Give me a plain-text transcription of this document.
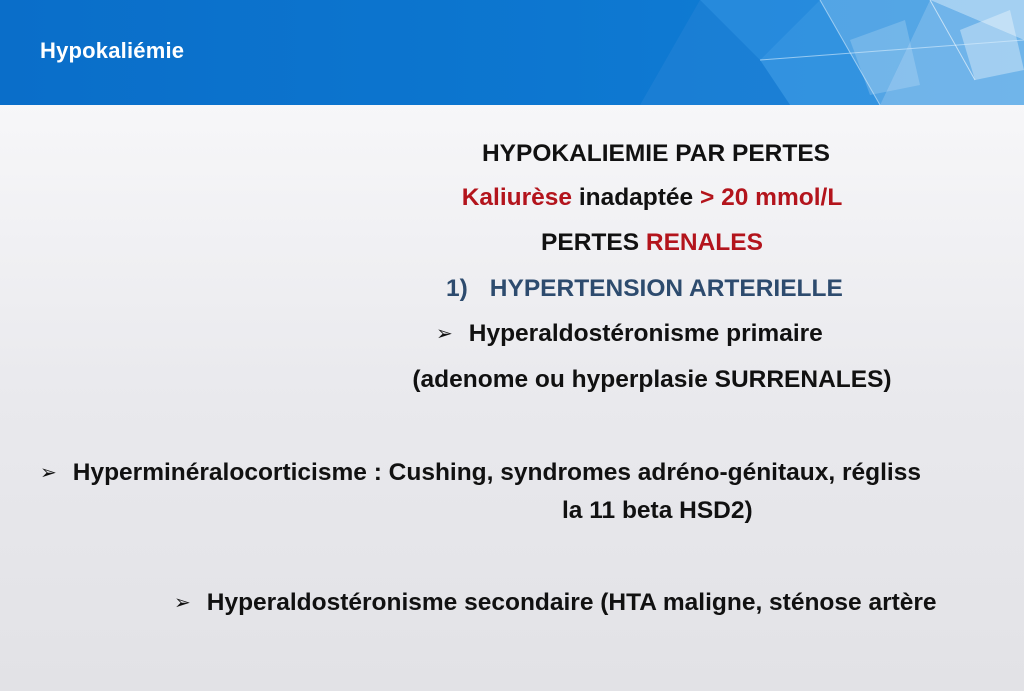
Hypokaliémie
HYPOKALIEMIE PAR PERTES
Kaliurèse inadaptée > 20 mmol/L
PERTES RENALES
1) HYPERTENSION ARTERIELLE
➢ Hyperaldostéronisme primaire
(adenome ou hyperplasie SURRENALES)
➢ Hyperminéralocorticisme : Cushing, syndromes adréno-génitaux, régliss
la 11 beta HSD2)
➢ Hyperaldostéronisme secondaire (HTA maligne, sténose artère
